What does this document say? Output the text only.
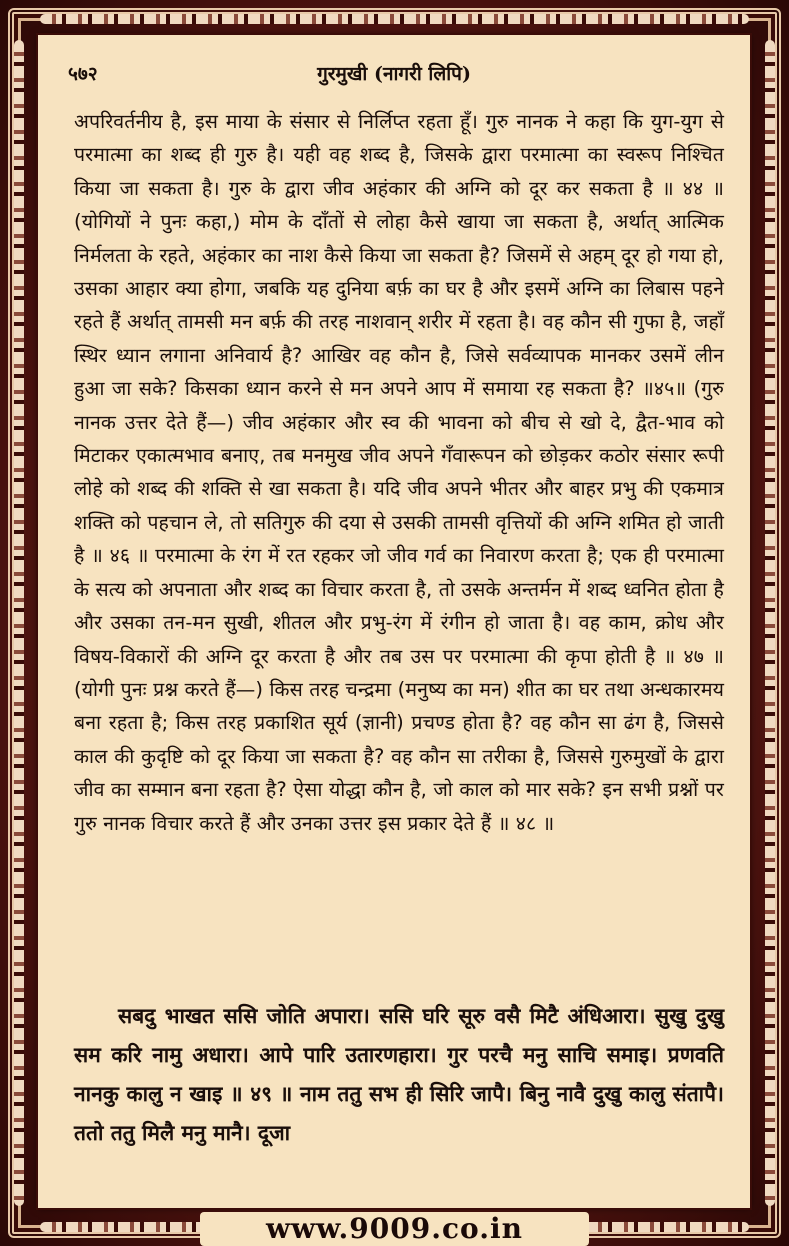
५७२	गुरमुखी (नागरी लिपि)
अपरिवर्तनीय है, इस माया के संसार से निर्लिप्त रहता हूँ। गुरु नानक ने कहा कि युग-युग से परमात्मा का शब्द ही गुरु है। यही वह शब्द है, जिसके द्वारा परमात्मा का स्वरूप निश्चित किया जा सकता है। गुरु के द्वारा जीव अहंकार की अग्नि को दूर कर सकता है ॥ ४४ ॥ (योगियों ने पुनः कहा,) मोम के दाँतों से लोहा कैसे खाया जा सकता है, अर्थात् आत्मिक निर्मलता के रहते, अहंकार का नाश कैसे किया जा सकता है? जिसमें से अहम् दूर हो गया हो, उसका आहार क्या होगा, जबकि यह दुनिया बर्फ़ का घर है और इसमें अग्नि का लिबास पहने रहते हैं अर्थात् तामसी मन बर्फ़ की तरह नाशवान् शरीर में रहता है। वह कौन सी गुफा है, जहाँ स्थिर ध्यान लगाना अनिवार्य है? आखिर वह कौन है, जिसे सर्वव्यापक मानकर उसमें लीन हुआ जा सके? किसका ध्यान करने से मन अपने आप में समाया रह सकता है? ॥४५॥ (गुरु नानक उत्तर देते हैं—) जीव अहंकार और स्व की भावना को बीच से खो दे, द्वैत-भाव को मिटाकर एकात्मभाव बनाए, तब मनमुख जीव अपने गँवारूपन को छोड़कर कठोर संसार रूपी लोहे को शब्द की शक्ति से खा सकता है। यदि जीव अपने भीतर और बाहर प्रभु की एकमात्र शक्ति को पहचान ले, तो सतिगुरु की दया से उसकी तामसी वृत्तियों की अग्नि शमित हो जाती है ॥ ४६ ॥ परमात्मा के रंग में रत रहकर जो जीव गर्व का निवारण करता है; एक ही परमात्मा के सत्य को अपनाता और शब्द का विचार करता है, तो उसके अन्तर्मन में शब्द ध्वनित होता है और उसका तन-मन सुखी, शीतल और प्रभु-रंग में रंगीन हो जाता है। वह काम, क्रोध और विषय-विकारों की अग्नि दूर करता है और तब उस पर परमात्मा की कृपा होती है ॥ ४७ ॥ (योगी पुनः प्रश्न करते हैं—) किस तरह चन्द्रमा (मनुष्य का मन) शीत का घर तथा अन्धकारमय बना रहता है; किस तरह प्रकाशित सूर्य (ज्ञानी) प्रचण्ड होता है? वह कौन सा ढंग है, जिससे काल की कुदृष्टि को दूर किया जा सकता है? वह कौन सा तरीका है, जिससे गुरुमुखों के द्वारा जीव का सम्मान बना रहता है? ऐसा योद्धा कौन है, जो काल को मार सके? इन सभी प्रश्नों पर गुरु नानक विचार करते हैं और उनका उत्तर इस प्रकार देते हैं ॥ ४८ ॥
सबदु भाखत ससि जोति अपारा। ससि घरि सूरु वसै मिटै अंधिआरा। सुखु दुखु सम करि नामु अधारा। आपे पारि उतारणहारा। गुर परचै मनु साचि समाइ। प्रणवति नानकु कालु न खाइ ॥ ४९ ॥ नाम ततु सभ ही सिरि जापै। बिनु नावै दुखु कालु संतापै। ततो ततु मिलै मनु मानै। दूजा
www.9009.co.in
